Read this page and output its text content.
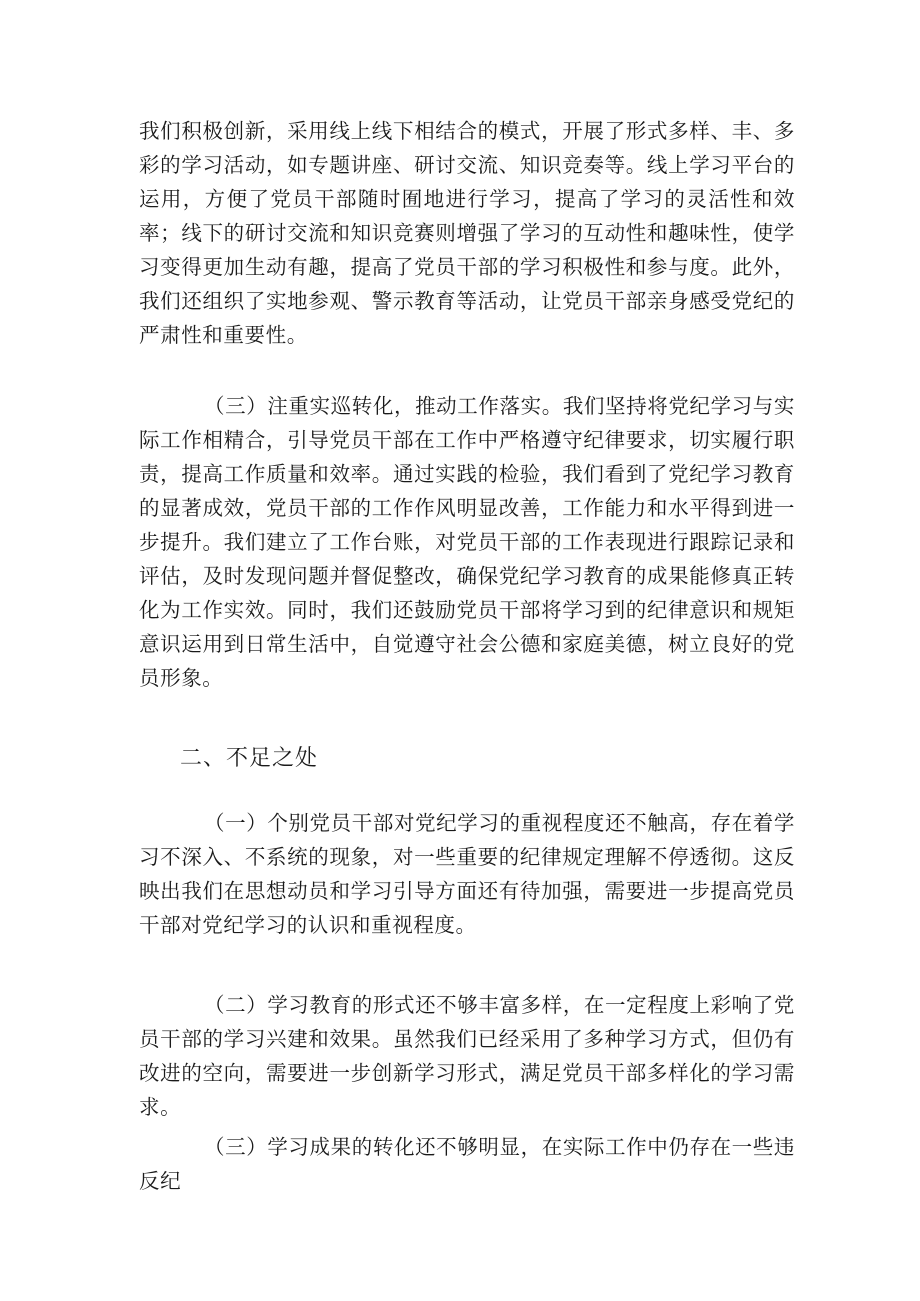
我们积极创新，采用线上线下相结合的模式，开展了形式多样、丰、多彩的学习活动，如专题讲座、研讨交流、知识竞奏等。线上学习平台的运用，方便了党员干部随时囿地进行学习，提高了学习的灵活性和效率；线下的研讨交流和知识竞赛则增强了学习的互动性和趣味性，使学习变得更加生动有趣，提高了党员干部的学习积极性和参与度。此外，我们还组织了实地参观、警示教育等活动，让党员干部亲身感受党纪的严肃性和重要性。

（三）注重实巡转化，推动工作落实。我们坚持将党纪学习与实际工作相精合，引导党员干部在工作中严格遵守纪律要求，切实履行职责，提高工作质量和效率。通过实践的检验，我们看到了党纪学习教育的显著成效，党员干部的工作作风明显改善，工作能力和水平得到进一步提升。我们建立了工作台账，对党员干部的工作表现进行跟踪记录和评估，及时发现问题并督促整改，确保党纪学习教育的成果能修真正转化为工作实效。同时，我们还鼓励党员干部将学习到的纪律意识和规矩意识运用到日常生活中，自觉遵守社会公德和家庭美德，树立良好的党员形象。

二、不足之处

（一）个别党员干部对党纪学习的重视程度还不触高，存在着学习不深入、不系统的现象，对一些重要的纪律规定理解不停透彻。这反映出我们在思想动员和学习引导方面还有待加强，需要进一步提高党员干部对党纪学习的认识和重视程度。

（二）学习教育的形式还不够丰富多样，在一定程度上彩响了党员干部的学习兴建和效果。虽然我们已经采用了多种学习方式，但仍有改进的空向，需要进一步创新学习形式，满足党员干部多样化的学习需求。

（三）学习成果的转化还不够明显，在实际工作中仍存在一些违反纪
